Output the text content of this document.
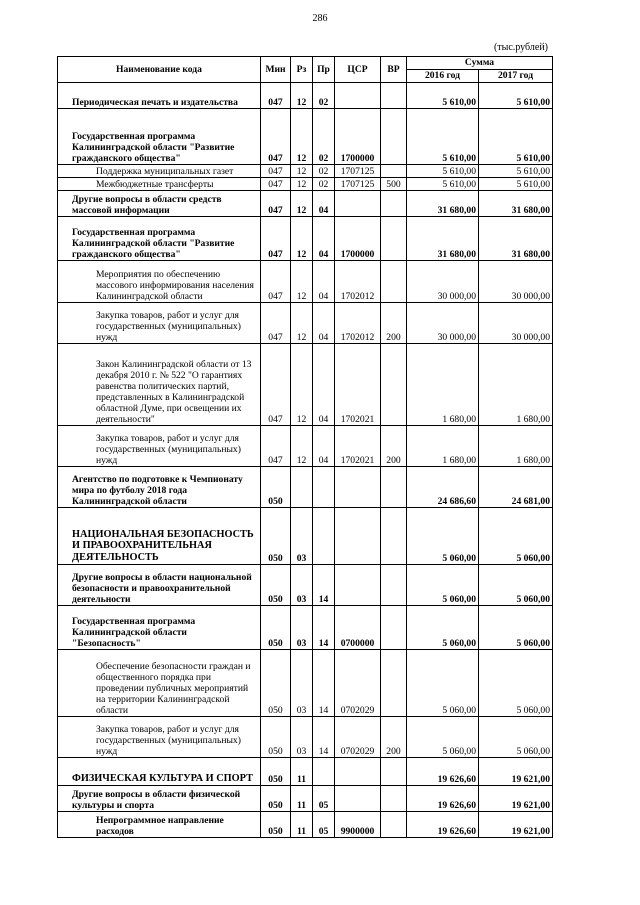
286
(тыс.рублей)
Наименование кода	Мин	Рз	Пр	ЦСР	ВР	Сумма	
						2016 год	2017 год
Периодическая печать и издательства	047	12	02			5 610,00	5 610,00
Государственная программа Калининградской области "Развитие гражданского общества"	047	12	02	1700000		5 610,00	5 610,00
Поддержка муниципальных газет	047	12	02	1707125		5 610,00	5 610,00
Межбюджетные трансферты	047	12	02	1707125	500	5 610,00	5 610,00
Другие вопросы в области средств массовой информации	047	12	04			31 680,00	31 680,00
Государственная программа Калининградской области "Развитие гражданского общества"	047	12	04	1700000		31 680,00	31 680,00
Мероприятия по обеспечению массового информирования населения Калининградской области	047	12	04	1702012		30 000,00	30 000,00
Закупка товаров, работ и услуг для государственных (муниципальных) нужд	047	12	04	1702012	200	30 000,00	30 000,00
Закон Калининградской области от 13 декабря 2010 г. № 522 "О гарантиях равенства политических партий, представленных в Калининградской областной Думе, при освещении их деятельности"	047	12	04	1702021		1 680,00	1 680,00
Закупка товаров, работ и услуг для государственных (муниципальных) нужд	047	12	04	1702021	200	1 680,00	1 680,00
Агентство по подготовке к Чемпионату мира по футболу 2018 года Калининградской области	050					24 686,60	24 681,00
НАЦИОНАЛЬНАЯ БЕЗОПАСНОСТЬ И ПРАВООХРАНИТЕЛЬНАЯ ДЕЯТЕЛЬНОСТЬ	050	03				5 060,00	5 060,00
Другие вопросы в области национальной безопасности и правоохранительной деятельности	050	03	14			5 060,00	5 060,00
Государственная программа Калининградской области "Безопасность"	050	03	14	0700000		5 060,00	5 060,00
Обеспечение безопасности граждан и общественного порядка при проведении публичных мероприятий на территории Калининградской области	050	03	14	0702029		5 060,00	5 060,00
Закупка товаров, работ и услуг для государственных (муниципальных) нужд	050	03	14	0702029	200	5 060,00	5 060,00
ФИЗИЧЕСКАЯ КУЛЬТУРА И СПОРТ	050	11				19 626,60	19 621,00
Другие вопросы в области физической культуры и спорта	050	11	05			19 626,60	19 621,00
Непрограммное направление расходов	050	11	05	9900000		19 626,60	19 621,00
